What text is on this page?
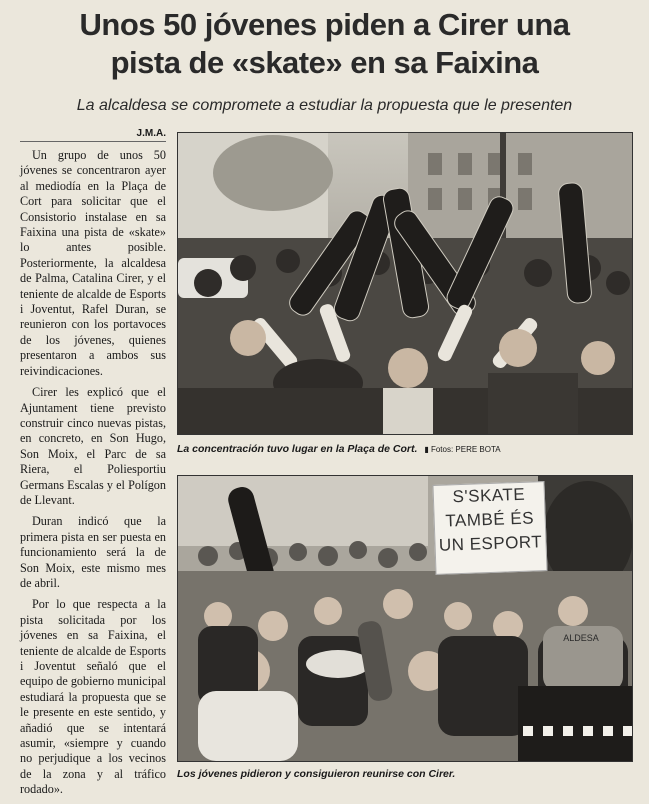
Unos 50 jóvenes piden a Cirer una
pista de «skate» en sa Faixina
La alcaldesa se compromete a estudiar la propuesta que le presenten
J.M.A.

Un grupo de unos 50 jóvenes se concentraron ayer al mediodía en la Plaça de Cort para solicitar que el Consistorio instalase en sa Faixina una pista de «skate» lo antes posible. Posteriormente, la alcaldesa de Palma, Catalina Cirer, y el teniente de alcalde de Esports i Joventut, Rafel Duran, se reunieron con los portavoces de los jóvenes, quienes presentaron a ambos sus reivindicaciones.

Cirer les explicó que el Ajuntament tiene previsto construir cinco nuevas pistas, en concreto, en Son Hugo, Son Moix, el Parc de sa Riera, el Poliesportiu Germans Escalas y el Polígon de Llevant.

Duran indicó que la primera pista en ser puesta en funcionamiento será la de Son Moix, este mismo mes de abril.

Por lo que respecta a la pista solicitada por los jóvenes en sa Faixina, el teniente de alcalde de Esports i Joventut señaló que el equipo de gobierno municipal estudiará la propuesta que se le presente en este sentido, y añadió que se intentará asumir, «siempre y cuando no perjudique a los vecinos de la zona y al tráfico rodado».

La concentración tuvo lugar en la Plaça de Cort. ▮ Fotos: PERE BOTA
S'SKATE
TAMBÉ ÉS
UN ESPORT
ALDESA
Los jóvenes pidieron y consiguieron reunirse con Cirer.
